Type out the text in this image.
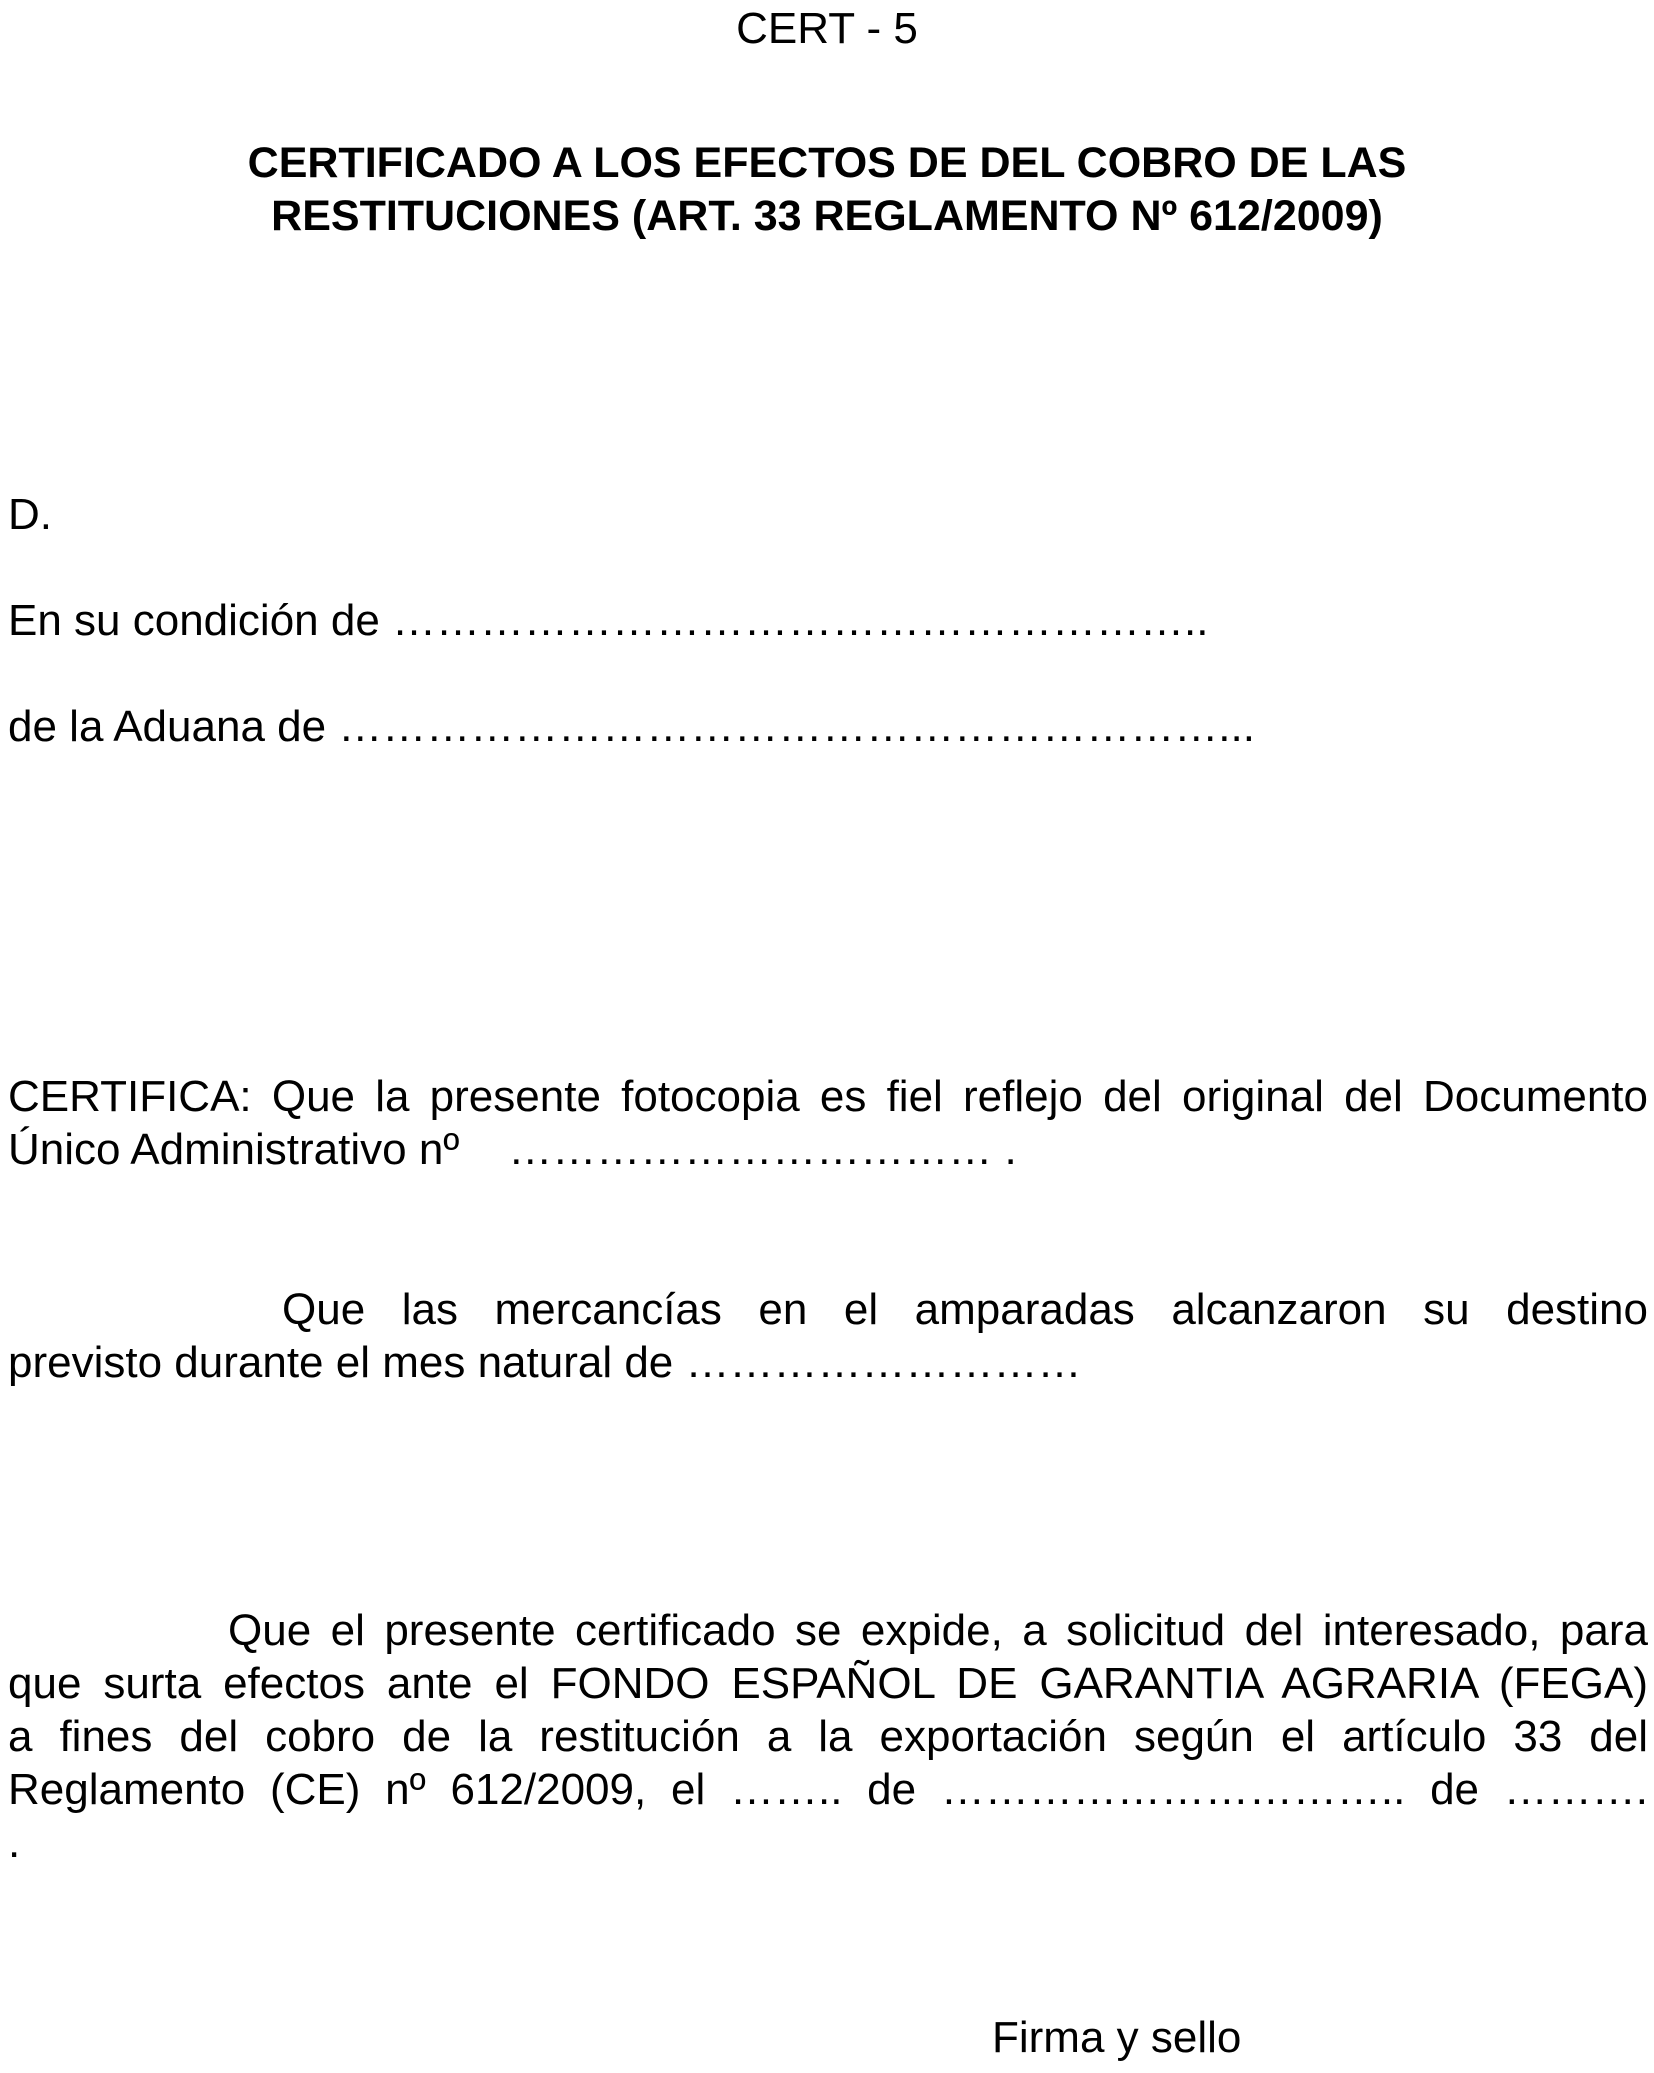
CERT - 5
CERTIFICADO A LOS EFECTOS DE DEL COBRO DE LAS
RESTITUCIONES (ART. 33 REGLAMENTO Nº 612/2009)
D.
En su condición de ………………………………………………..
de la Aduana de ……………………………………………………...
CERTIFICA: Que la presente fotocopia es fiel reflejo del original del Documento
Único Administrativo nº    …………………………… .
Que las mercancías en el amparadas alcanzaron su destino
previsto durante el mes natural de ………………………
Que el presente certificado se expide, a solicitud del interesado, para
que surta efectos ante el FONDO ESPAÑOL DE GARANTIA AGRARIA (FEGA)
a fines del cobro de la restitución a la exportación según el artículo 33 del
Reglamento (CE) nº 612/2009, el …….. de ………………………….. de ……….
.
Firma y sello
